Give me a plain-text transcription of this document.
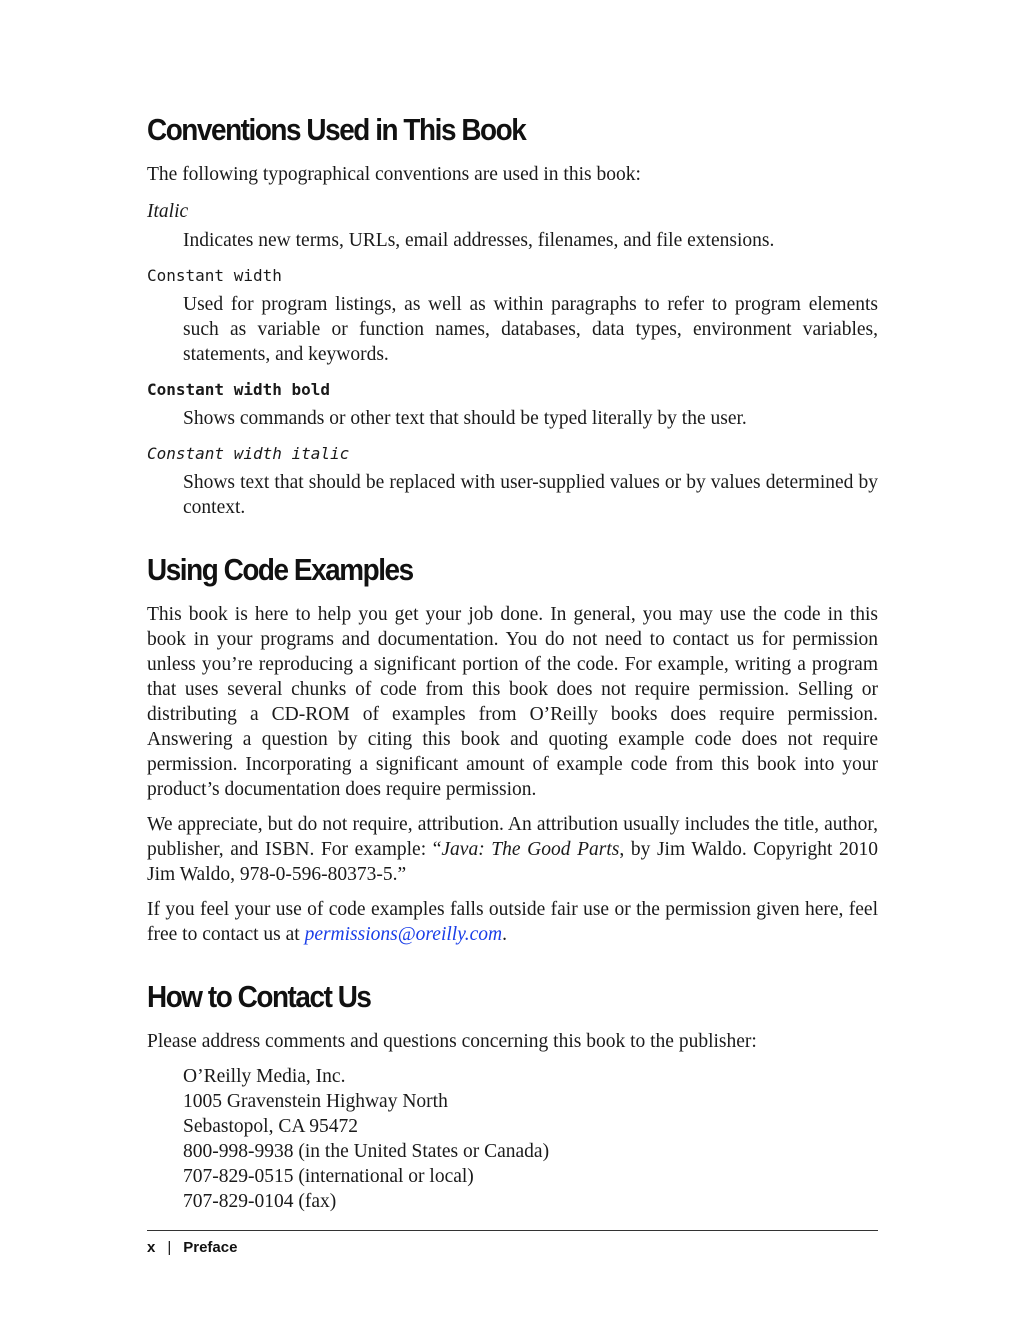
Conventions Used in This Book

The following typographical conventions are used in this book:

Italic
Indicates new terms, URLs, email addresses, filenames, and file extensions.
Constant width
Used for program listings, as well as within paragraphs to refer to program elements such as variable or function names, databases, data types, environment variables, statements, and keywords.
Constant width bold
Shows commands or other text that should be typed literally by the user.
Constant width italic
Shows text that should be replaced with user-supplied values or by values determined by context.
Using Code Examples

This book is here to help you get your job done. In general, you may use the code in this book in your programs and documentation. You do not need to contact us for permission unless you’re reproducing a significant portion of the code. For example, writing a program that uses several chunks of code from this book does not require permission. Selling or distributing a CD-ROM of examples from O’Reilly books does require permission. Answering a question by citing this book and quoting example code does not require permission. Incorporating a significant amount of example code from this book into your product’s documentation does require permission.

We appreciate, but do not require, attribution. An attribution usually includes the title, author, publisher, and ISBN. For example: “Java: The Good Parts, by Jim Waldo. Copyright 2010 Jim Waldo, 978-0-596-80373-5.”

If you feel your use of code examples falls outside fair use or the permission given here, feel free to contact us at permissions@oreilly.com.

How to Contact Us

Please address comments and questions concerning this book to the publisher:

O’Reilly Media, Inc.
1005 Gravenstein Highway North
Sebastopol, CA 95472
800-998-9938 (in the United States or Canada)
707-829-0515 (international or local)
707-829-0104 (fax)
x | Preface
